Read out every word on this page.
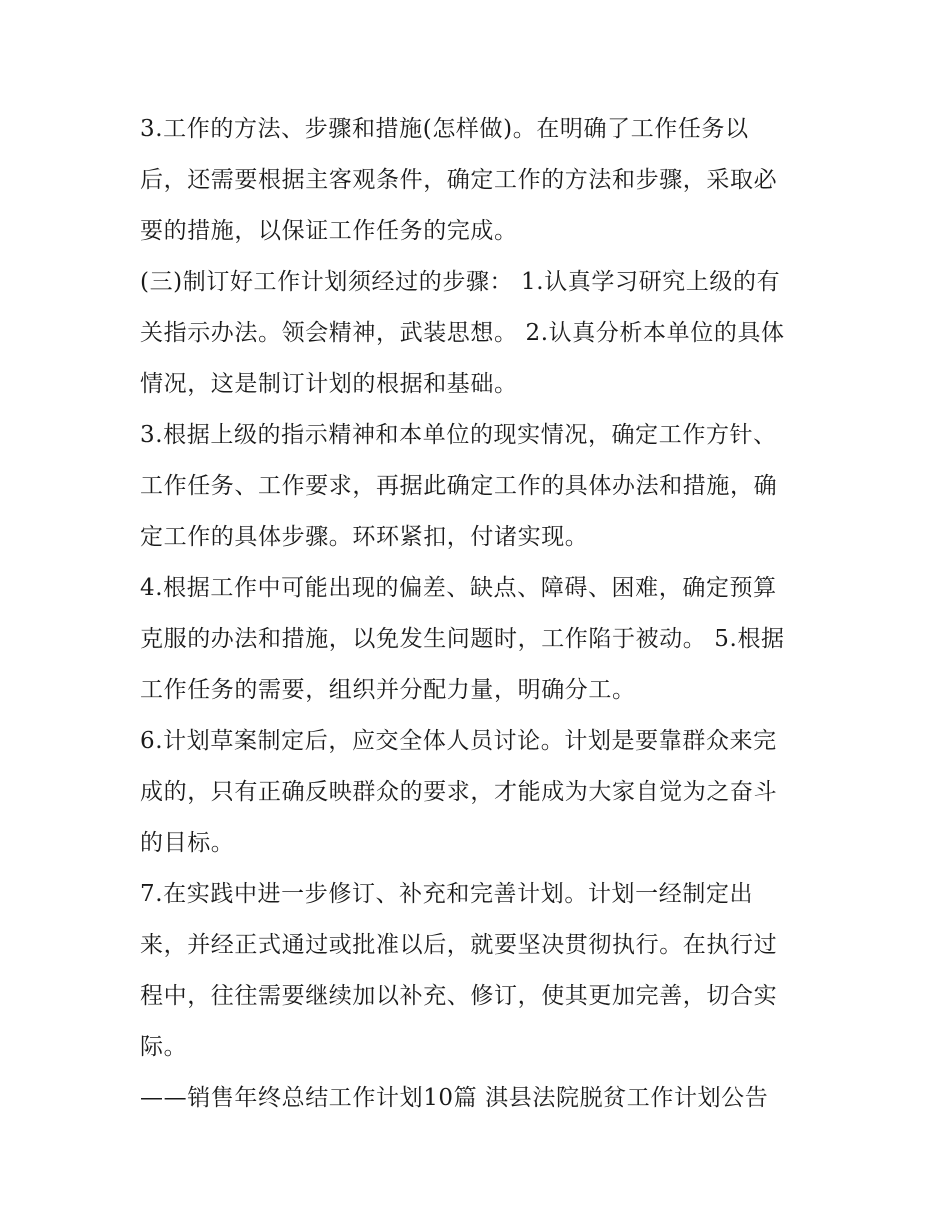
3.工作的方法、步骤和措施(怎样做)。在明确了工作任务以
后，还需要根据主客观条件，确定工作的方法和步骤，采取必
要的措施，以保证工作任务的完成。
(三)制订好工作计划须经过的步骤： 1.认真学习研究上级的有
关指示办法。领会精神，武装思想。 2.认真分析本单位的具体
情况，这是制订计划的根据和基础。
3.根据上级的指示精神和本单位的现实情况，确定工作方针、
工作任务、工作要求，再据此确定工作的具体办法和措施，确
定工作的具体步骤。环环紧扣，付诸实现。
4.根据工作中可能出现的偏差、缺点、障碍、困难，确定预算
克服的办法和措施，以免发生问题时，工作陷于被动。 5.根据
工作任务的需要，组织并分配力量，明确分工。
6.计划草案制定后，应交全体人员讨论。计划是要靠群众来完
成的，只有正确反映群众的要求，才能成为大家自觉为之奋斗
的目标。
7.在实践中进一步修订、补充和完善计划。计划一经制定出
来，并经正式通过或批准以后，就要坚决贯彻执行。在执行过
程中，往往需要继续加以补充、修订，使其更加完善，切合实
际。
——销售年终总结工作计划10篇 淇县法院脱贫工作计划公告
